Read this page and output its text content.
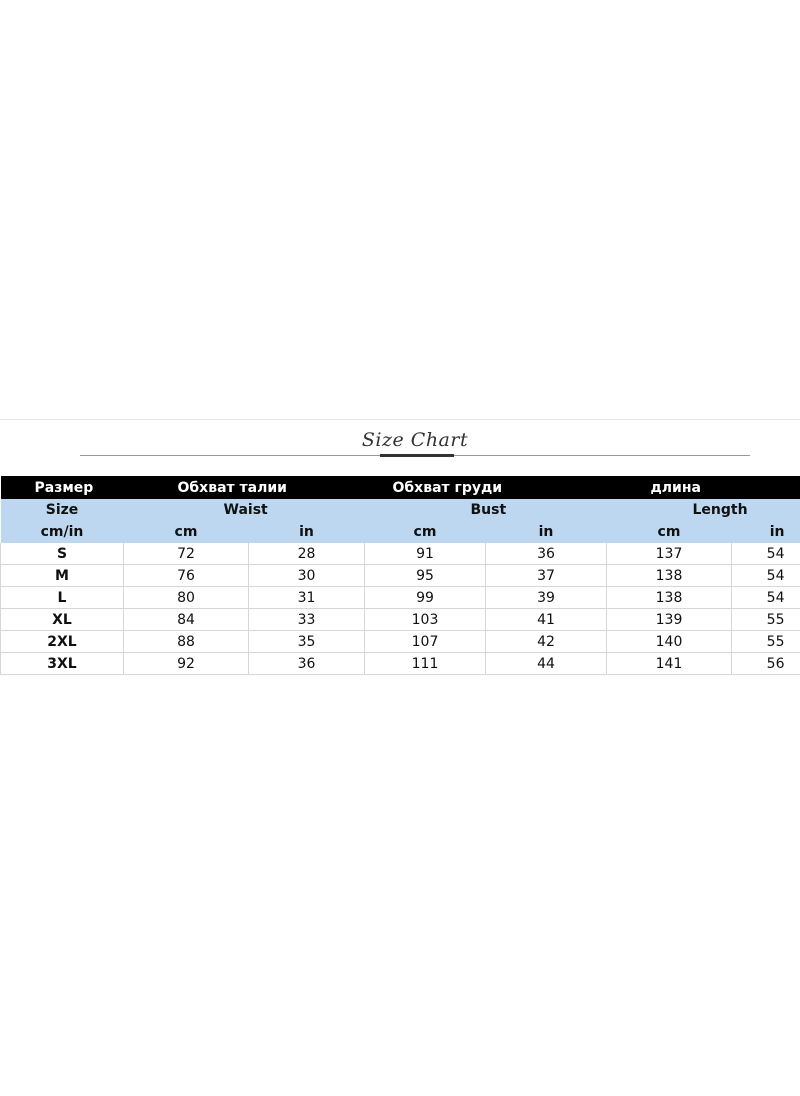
Size Chart
Размер	Обхват талии		Обхват груди		длина	
Size	Waist		Bust		Length	
cm/in	cm	in	cm	in	cm	in
S	72	28	91	36	137	54
M	76	30	95	37	138	54
L	80	31	99	39	138	54
XL	84	33	103	41	139	55
2XL	88	35	107	42	140	55
3XL	92	36	111	44	141	56
